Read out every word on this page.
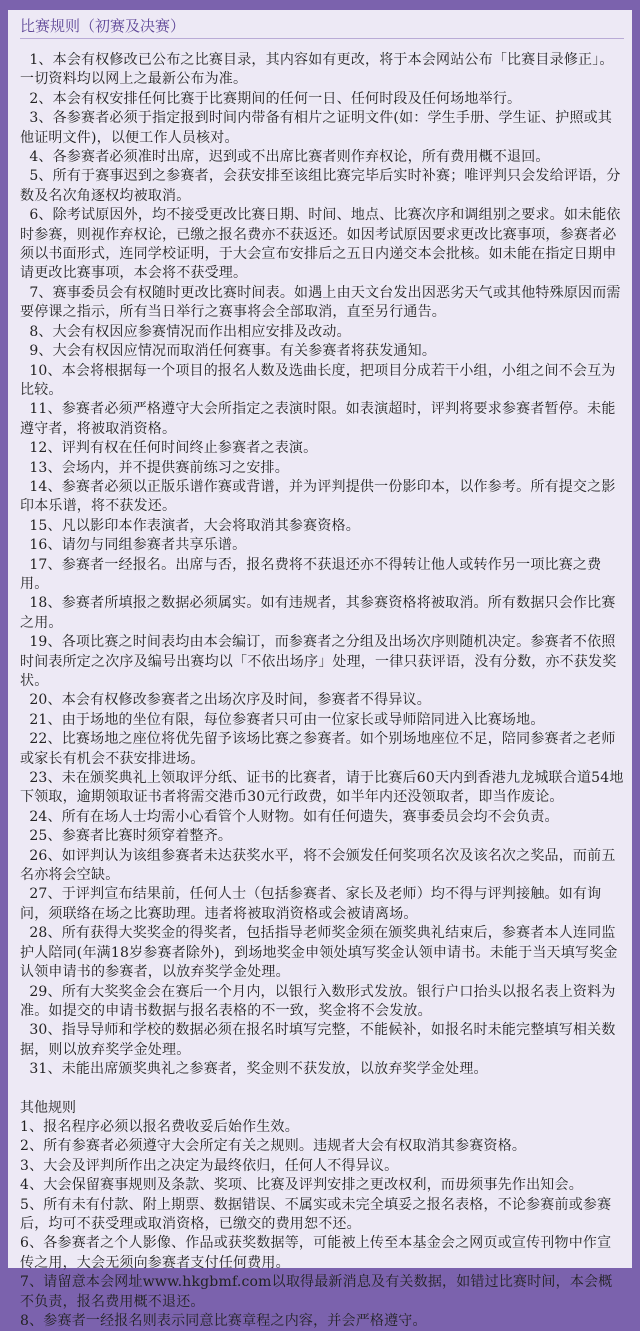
比赛规则（初赛及决赛）
1、本会有权修改已公布之比赛目录，其内容如有更改，将于本会网站公布「比赛目录修正」。一切资料均以网上之最新公布为准。
2、本会有权安排任何比赛于比赛期间的任何一日、任何时段及任何场地举行。
3、各参赛者必须于指定报到时间内带备有相片之证明文件(如：学生手册、学生证、护照或其他证明文件)，以便工作人员核对。
4、各参赛者必须准时出席，迟到或不出席比赛者则作弃权论，所有费用概不退回。
5、所有于赛事迟到之参赛者，会获安排至该组比赛完毕后实时补赛；唯评判只会发给评语，分数及名次角逐权均被取消。
6、除考试原因外，均不接受更改比赛日期、时间、地点、比赛次序和调组别之要求。如未能依时参赛，则视作弃权论，已缴之报名费亦不获返还。如因考试原因要求更改比赛事项，参赛者必须以书面形式，连同学校证明，于大会宣布安排后之五日内递交本会批核。如未能在指定日期申请更改比赛事项，本会将不获受理。
7、赛事委员会有权随时更改比赛时间表。如遇上由天文台发出因恶劣天气或其他特殊原因而需要停课之指示，所有当日举行之赛事将会全部取消，直至另行通告。
8、大会有权因应参赛情况而作出相应安排及改动。
9、大会有权因应情况而取消任何赛事。有关参赛者将获发通知。
10、本会将根据每一个项目的报名人数及选曲长度，把项目分成若干小组，小组之间不会互为比较。
11、参赛者必须严格遵守大会所指定之表演时限。如表演超时，评判将要求参赛者暂停。未能遵守者，将被取消资格。
12、评判有权在任何时间终止参赛者之表演。
13、会场内，并不提供赛前练习之安排。
14、参赛者必须以正版乐谱作赛或背谱，并为评判提供一份影印本，以作参考。所有提交之影印本乐谱，将不获发还。
15、凡以影印本作表演者，大会将取消其参赛资格。
16、请勿与同组参赛者共享乐谱。
17、参赛者一经报名。出席与否，报名费将不获退还亦不得转让他人或转作另一项比赛之费用。
18、参赛者所填报之数据必须属实。如有违规者，其参赛资格将被取消。所有数据只会作比赛之用。
19、各项比赛之时间表均由本会编订，而参赛者之分组及出场次序则随机决定。参赛者不依照时间表所定之次序及编号出赛均以「不依出场序」处理，一律只获评语，没有分数，亦不获发奖状。
20、本会有权修改参赛者之出场次序及时间，参赛者不得异议。
21、由于场地的坐位有限，每位参赛者只可由一位家长或导师陪同进入比赛场地。
22、比赛场地之座位将优先留予该场比赛之参赛者。如个别场地座位不足，陪同参赛者之老师或家长有机会不获安排进场。
23、未在颁奖典礼上领取评分纸、证书的比赛者，请于比赛后60天内到香港九龙城联合道54地下领取，逾期领取证书者将需交港币30元行政费，如半年内还没领取者，即当作废论。
24、所有在场人士均需小心看管个人财物。如有任何遗失，赛事委员会均不会负责。
25、参赛者比赛时须穿着整齐。
26、如评判认为该组参赛者未达获奖水平，将不会颁发任何奖项名次及该名次之奖品，而前五名亦将会空缺。
27、于评判宣布结果前，任何人士（包括参赛者、家长及老师）均不得与评判接触。如有询问，须联络在场之比赛助理。违者将被取消资格或会被请离场。
28、所有获得大奖奖金的得奖者，包括指导老师奖金须在颁奖典礼结束后，参赛者本人连同监护人陪同(年满18岁参赛者除外)，到场地奖金申领处填写奖金认领申请书。未能于当天填写奖金认领申请书的参赛者，以放弃奖学金处理。
29、所有大奖奖金会在赛后一个月内，以银行入数形式发放。银行户口抬头以报名表上资料为准。如提交的申请书数据与报名表格的不一致，奖金将不会发放。
30、指导导师和学校的数据必须在报名时填写完整，不能候补，如报名时未能完整填写相关数据，则以放弃奖学金处理。
31、未能出席颁奖典礼之参赛者，奖金则不获发放，以放弃奖学金处理。
其他规则
1、报名程序必须以报名费收妥后始作生效。
2、所有参赛者必须遵守大会所定有关之规则。违规者大会有权取消其参赛资格。
3、大会及评判所作出之决定为最终依归，任何人不得异议。
4、大会保留赛事规则及条款、奖项、比赛及评判安排之更改权利，而毋须事先作出知会。
5、所有未有付款、附上期票、数据错误、不属实或未完全填妥之报名表格，不论参赛前或参赛后，均可不获受理或取消资格，已缴交的费用恕不还。
6、各参赛者之个人影像、作品或获奖数据等，可能被上传至本基金会之网页或宣传刊物中作宣传之用，大会无须向参赛者支付任何费用。
7、请留意本会网址www.hkgbmf.com以取得最新消息及有关数据，如错过比赛时间，本会概不负责，报名费用概不退还。
8、参赛者一经报名则表示同意比赛章程之内容，并会严格遵守。
